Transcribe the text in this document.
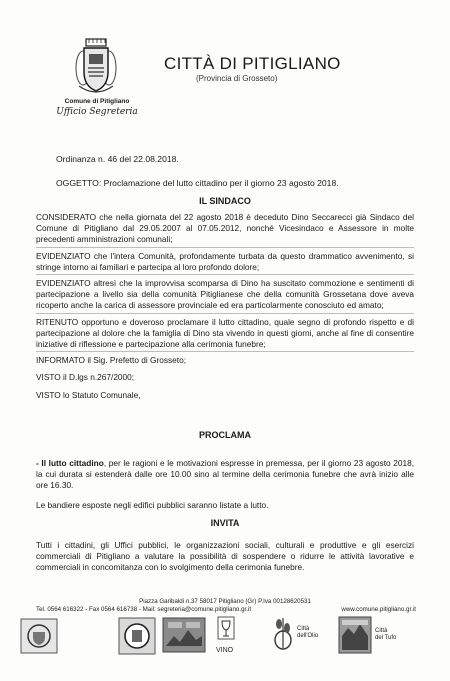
Comune di Pitigliano
Ufficio Segreteria
CITTÀ DI PITIGLIANO
(Provincia di Grosseto)
Ordinanza n. 46 del 22.08.2018.
OGGETTO: Proclamazione del lutto cittadino per il giorno 23 agosto 2018.
IL SINDACO

CONSIDERATO che nella giornata del 22 agosto 2018 è deceduto Dino Seccarecci già Sindaco del Comune di Pitigliano dal 29.05.2007 al 07.05.2012, nonché Vicesindaco e Assessore in molte precedenti amministrazioni comunali;

EVIDENZIATO che l'intera Comunità, profondamente turbata da questo drammatico avvenimento, si stringe intorno ai familiari e partecipa al loro profondo dolore;

EVIDENZIATO altresì che la improvvisa scomparsa di Dino ha suscitato commozione e sentimenti di partecipazione a livello sia della comunità Pitiglianese che della comunità Grossetana dove aveva ricoperto anche la carica di assessore provinciale ed era particolarmente conosciuto ed amato;

RITENUTO opportuno e doveroso proclamare il lutto cittadino, quale segno di profondo rispetto e di partecipazione al dolore che la famiglia di Dino sta vivendo in questi giorni, anche al fine di consentire iniziative di riflessione e partecipazione alla cerimonia funebre;

INFORMATO il Sig. Prefetto di Grosseto;

VISTO il D.lgs n.267/2000;

VISTO lo Statuto Comunale,

PROCLAMA

- Il lutto cittadino, per le ragioni e le motivazioni espresse in premessa, per il giorno 23 agosto 2018, la cui durata si estenderà dalle ore 10.00 sino al termine della cerimonia funebre che avrà inizio alle ore 16.30.

Le bandiere esposte negli edifici pubblici saranno listate a lutto.

INVITA

Tutti i cittadini, gli Uffici pubblici, le organizzazioni sociali, culturali e produttive e gli esercizi commerciali di Pitigliano a valutare la possibilità di sospendere o ridurre le attività lavorative e commerciali in concomitanza con lo svolgimento della cerimonia funebre.

Piazza Garibaldi n.37 58017 Pitigliano (Gr) P.Iva 00128620531
Tel. 0564 616322 - Fax 0564 616738 - Mail: segreteria@comune.pitigliano.gr.it	www.comune.pitigliano.gr.it
VINO
Città
dell'Olio
Città
del Tufo
